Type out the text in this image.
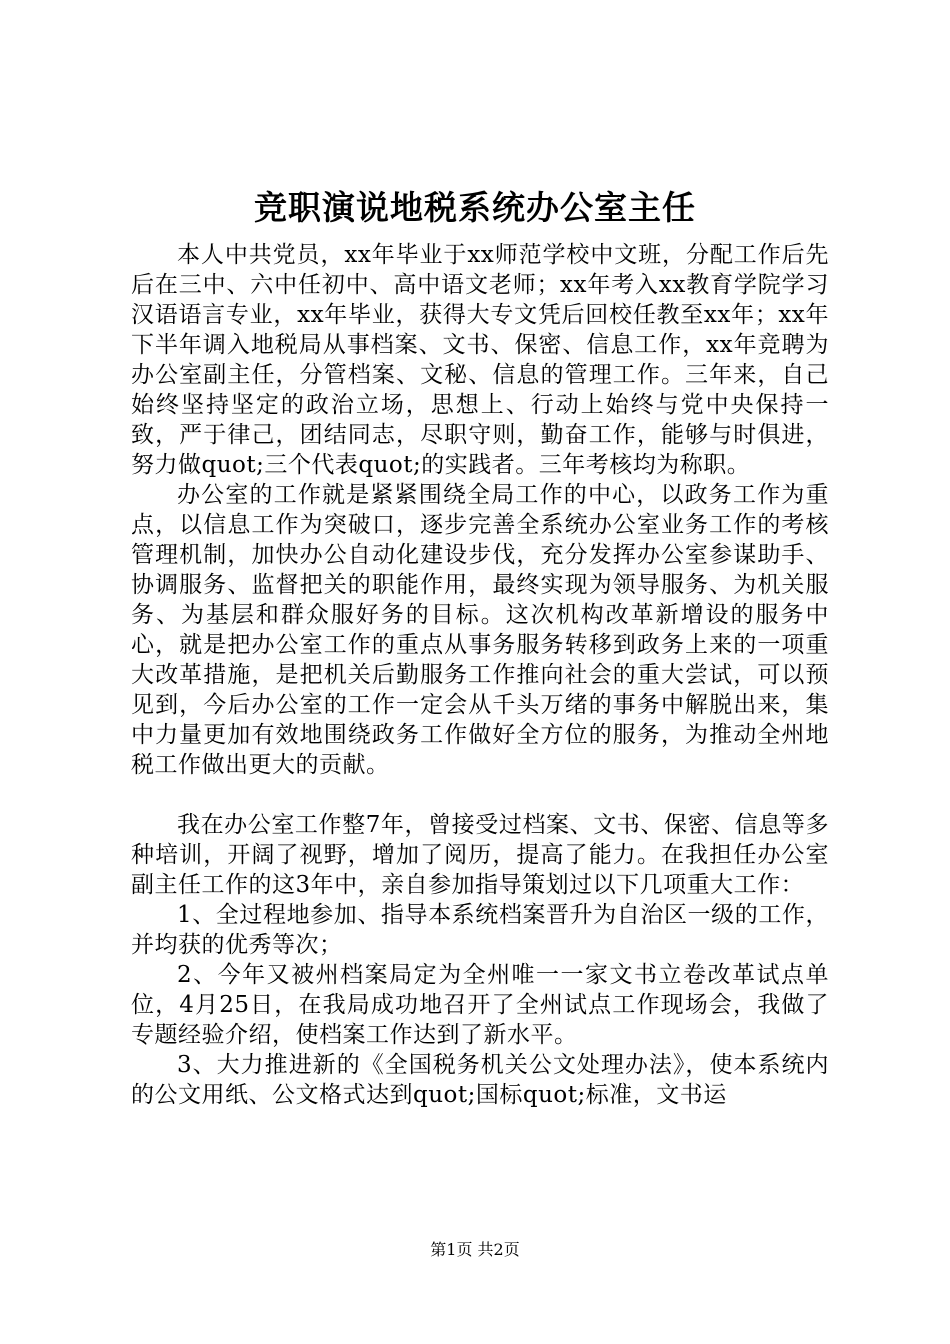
竞职演说地税系统办公室主任

本人中共党员，xx年毕业于xx师范学校中文班，分配工作后先后在三中、六中任初中、高中语文老师；xx年考入xx教育学院学习汉语语言专业，xx年毕业，获得大专文凭后回校任教至xx年；xx年下半年调入地税局从事档案、文书、保密、信息工作，xx年竞聘为办公室副主任，分管档案、文秘、信息的管理工作。三年来，自己始终坚持坚定的政治立场，思想上、行动上始终与党中央保持一致，严于律己，团结同志，尽职守则，勤奋工作，能够与时俱进，努力做quot;三个代表quot;的实践者。三年考核均为称职。

办公室的工作就是紧紧围绕全局工作的中心，以政务工作为重点，以信息工作为突破口，逐步完善全系统办公室业务工作的考核管理机制，加快办公自动化建设步伐，充分发挥办公室参谋助手、协调服务、监督把关的职能作用，最终实现为领导服务、为机关服务、为基层和群众服好务的目标。这次机构改革新增设的服务中心，就是把办公室工作的重点从事务服务转移到政务上来的一项重大改革措施，是把机关后勤服务工作推向社会的重大尝试，可以预见到，今后办公室的工作一定会从千头万绪的事务中解脱出来，集中力量更加有效地围绕政务工作做好全方位的服务，为推动全州地税工作做出更大的贡献。

我在办公室工作整7年，曾接受过档案、文书、保密、信息等多种培训，开阔了视野，增加了阅历，提高了能力。在我担任办公室副主任工作的这3年中，亲自参加指导策划过以下几项重大工作：

1、全过程地参加、指导本系统档案晋升为自治区一级的工作，并均获的优秀等次；

2、今年又被州档案局定为全州唯一一家文书立卷改革试点单位，4月25日，在我局成功地召开了全州试点工作现场会，我做了专题经验介绍，使档案工作达到了新水平。

3、大力推进新的《全国税务机关公文处理办法》，使本系统内的公文用纸、公文格式达到quot;国标quot;标准，文书运

第1页 共2页
